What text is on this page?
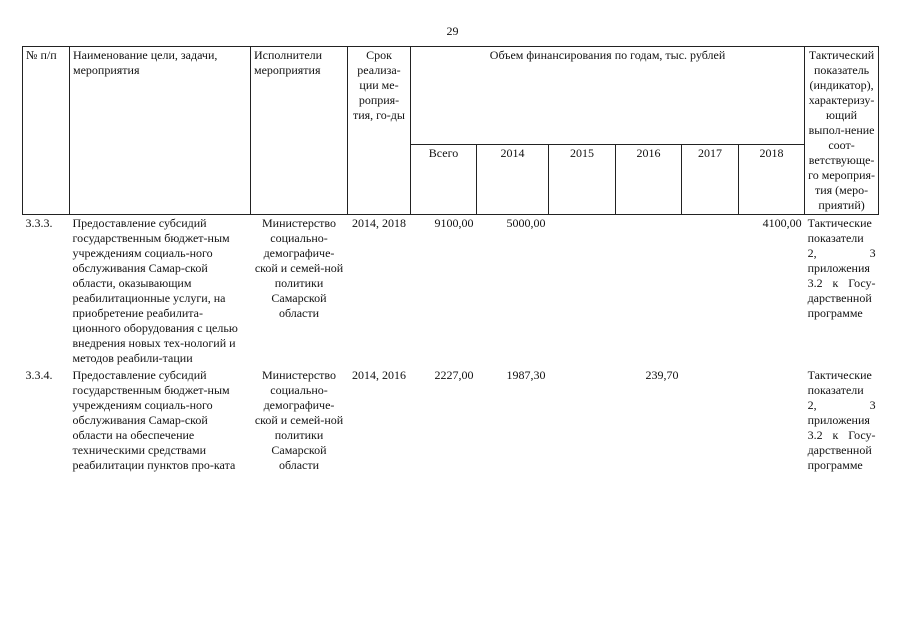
29
№ п/п	Наименование цели, задачи, мероприятия	Исполнители мероприятия	Срок реализа-ции ме-роприя-тия, го-ды	Объем финансирования по годам, тыс. рублей						Тактический показатель (индикатор), характеризу-ющий выпол-нение соот-ветствующе-го мероприя-тия (меро-приятий)
				Всего	2014	2015	2016	2017	2018	
3.3.3.	Предоставление субсидий государственным бюджет-ным учреждениям социаль-ного обслуживания Самар-ской области, оказывающим реабилитационные услуги, на приобретение реабилита-ционного оборудования с целью внедрения новых тех-нологий и методов реабили-тации	Министерство социально-демографиче-ской и семей-ной политики Самарской области	2014, 2018	9100,00	5000,00				4100,00	Тактические показатели 2, 3 приложения 3.2 к Госу-дарственной программе
3.3.4.	Предоставление субсидий государственным бюджет-ным учреждениям социаль-ного обслуживания Самар-ской области на обеспечение техническими средствами реабилитации пунктов про-ката	Министерство социально-демографиче-ской и семей-ной политики Самарской области	2014, 2016	2227,00	1987,30		239,70			Тактические показатели 2, 3 приложения 3.2 к Госу-дарственной программе
